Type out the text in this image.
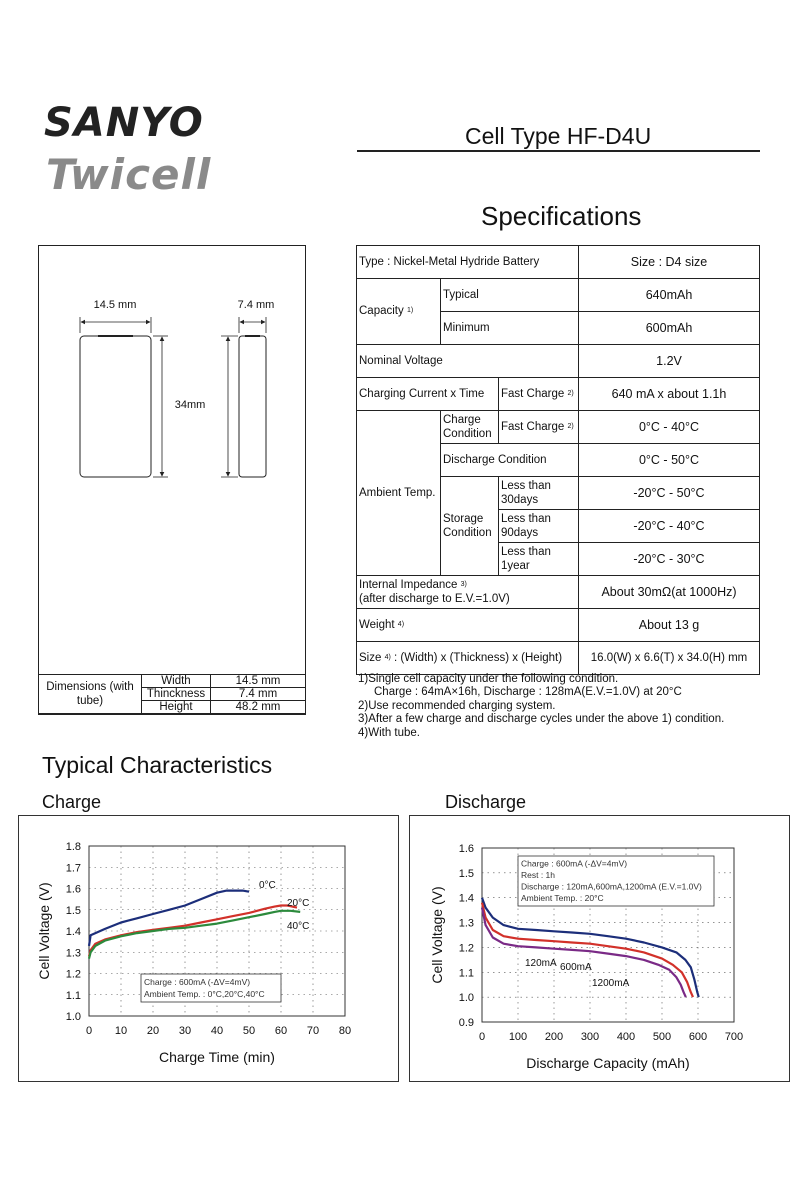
SANYO
Twicell
Cell Type HF-D4U
Specifications
14.5 mm
34mm
7.4 mm
Dimensions (with tube)	Width	14.5 mm
	Thinckness	7.4 mm
	Height	48.2 mm
Type : Nickel-Metal Hydride Battery			Size : D4 size
Capacity 1)	Typical		640mAh
	Minimum		600mAh
Nominal Voltage			1.2V
Charging Current x Time		Fast Charge 2)	640 mA x about 1.1h
Ambient Temp.	Charge Condition	Fast Charge 2)	0°C - 40°C
	Discharge Condition		0°C - 50°C
	Storage Condition	Less than 30days	-20°C - 50°C
		Less than 90days	-20°C - 40°C
		Less than 1year	-20°C - 30°C
Internal Impedance 3)
(after discharge to E.V.=1.0V)			About 30mΩ(at 1000Hz)
Weight 4)			About 13 g
Size 4) : (Width) x (Thickness) x (Height)			16.0(W) x 6.6(T) x 34.0(H) mm
1)Single cell capacity under the following condition.
Charge : 64mA×16h, Discharge : 128mA(E.V.=1.0V) at 20°C
2)Use recommended charging system.
3)After a few charge and discharge cycles under the above 1) condition.
4)With tube.
Typical Characteristics
Charge	Discharge
0 10 20 30 40 50 60 70 80
1.0
1.1
1.2
1.3
1.4
1.5
1.6
1.7
1.8
Charge Time (min)
Cell Voltage (V)	0°C
20°C
40°C
Charge : 600mA (-ΔV=4mV)
Ambient Temp. : 0°C,20°C,40°C
0 100 200 300 400 500 600 700
0.9
1.0
1.1
1.2
1.3
1.4
1.5
1.6
Discharge Capacity (mAh)
Cell Voltage (V)	120mA 600mA
1200mA
Charge : 600mA (-ΔV=4mV)
Rest : 1h
Discharge : 120mA,600mA,1200mA (E.V.=1.0V)
Ambient Temp. : 20°C
